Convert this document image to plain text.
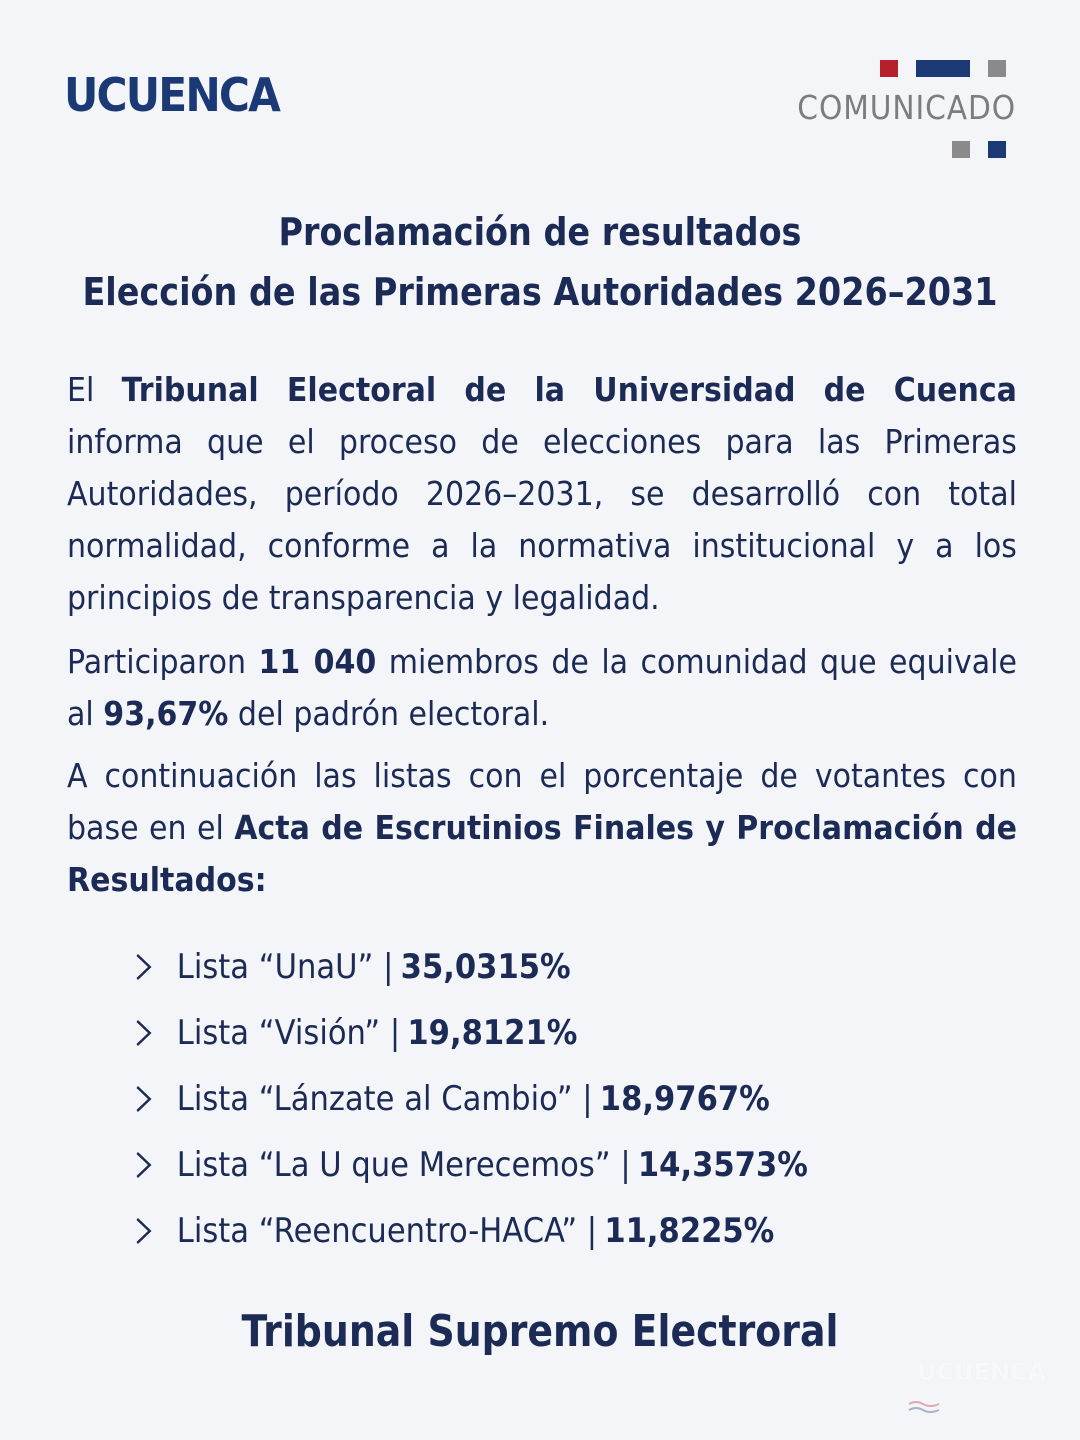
UCUENCA	COMUNICADO
Proclamación de resultados
Elección de las Primeras Autoridades 2026–2031
El Tribunal Electoral de la Universidad de Cuenca informa que el proceso de elecciones para las Primeras Autoridades, período 2026–2031, se desarrolló con total normalidad, conforme a la normativa institucional y a los principios de transparencia y legalidad.
Participaron 11 040 miembros de la comunidad que equivale al 93,67% del padrón electoral.
A continuación las listas con el porcentaje de votantes con base en el Acta de Escrutinios Finales y Proclamación de Resultados:
Lista “UnaU” | 35,0315%
Lista “Visión” | 19,8121%
Lista “Lánzate al Cambio” | 18,9767%
Lista “La U que Merecemos” | 14,3573%
Lista “Reencuentro-HACA” | 11,8225%
Tribunal Supremo Electroral
UCUENCA
